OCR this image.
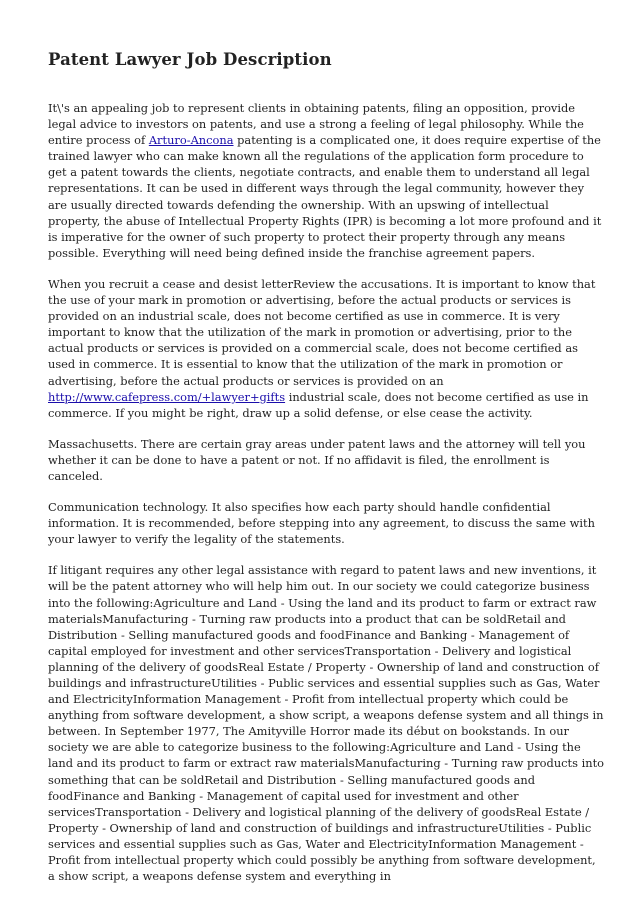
Patent Lawyer Job Description

It\'s an appealing job to represent clients in obtaining patents, filing an opposition, provide legal advice to investors on patents, and use a strong a feeling of legal philosophy. While the entire process of Arturo-Ancona patenting is a complicated one, it does require expertise of the trained lawyer who can make known all the regulations of the application form procedure to get a patent towards the clients, negotiate contracts, and enable them to understand all legal representations. It can be used in different ways through the legal community, however they are usually directed towards defending the ownership. With an upswing of intellectual property, the abuse of Intellectual Property Rights (IPR) is becoming a lot more profound and it is imperative for the owner of such property to protect their property through any means possible. Everything will need being defined inside the franchise agreement papers.

When you recruit a cease and desist letterReview the accusations. It is important to know that the use of your mark in promotion or advertising, before the actual products or services is provided on an industrial scale, does not become certified as use in commerce. It is very important to know that the utilization of the mark in promotion or advertising, prior to the actual products or services is provided on a commercial scale, does not become certified as used in commerce. It is essential to know that the utilization of the mark in promotion or advertising, before the actual products or services is provided on an http://www.cafepress.com/+lawyer+gifts industrial scale, does not become certified as use in commerce. If you might be right, draw up a solid defense, or else cease the activity.

Massachusetts. There are certain gray areas under patent laws and the attorney will tell you whether it can be done to have a patent or not. If no affidavit is filed, the enrollment is canceled.

Communication technology. It also specifies how each party should handle confidential information. It is recommended, before stepping into any agreement, to discuss the same with your lawyer to verify the legality of the statements.

If litigant requires any other legal assistance with regard to patent laws and new inventions, it will be the patent attorney who will help him out. In our society we could categorize business into the following:Agriculture and Land - Using the land and its product to farm or extract raw materialsManufacturing - Turning raw products into a product that can be soldRetail and Distribution - Selling manufactured goods and foodFinance and Banking - Management of capital employed for investment and other servicesTransportation - Delivery and logistical planning of the delivery of goodsReal Estate / Property - Ownership of land and construction of buildings and infrastructureUtilities - Public services and essential supplies such as Gas, Water and ElectricityInformation Management - Profit from intellectual property which could be anything from software development, a show script, a weapons defense system and all things in between. In September 1977, The Amityville Horror made its début on bookstands. In our society we are able to categorize business to the following:Agriculture and Land - Using the land and its product to farm or extract raw materialsManufacturing - Turning raw products into something that can be soldRetail and Distribution - Selling manufactured goods and foodFinance and Banking - Management of capital used for investment and other servicesTransportation - Delivery and logistical planning of the delivery of goodsReal Estate / Property - Ownership of land and construction of buildings and infrastructureUtilities - Public services and essential supplies such as Gas, Water and ElectricityInformation Management - Profit from intellectual property which could possibly be anything from software development, a show script, a weapons defense system and everything in
